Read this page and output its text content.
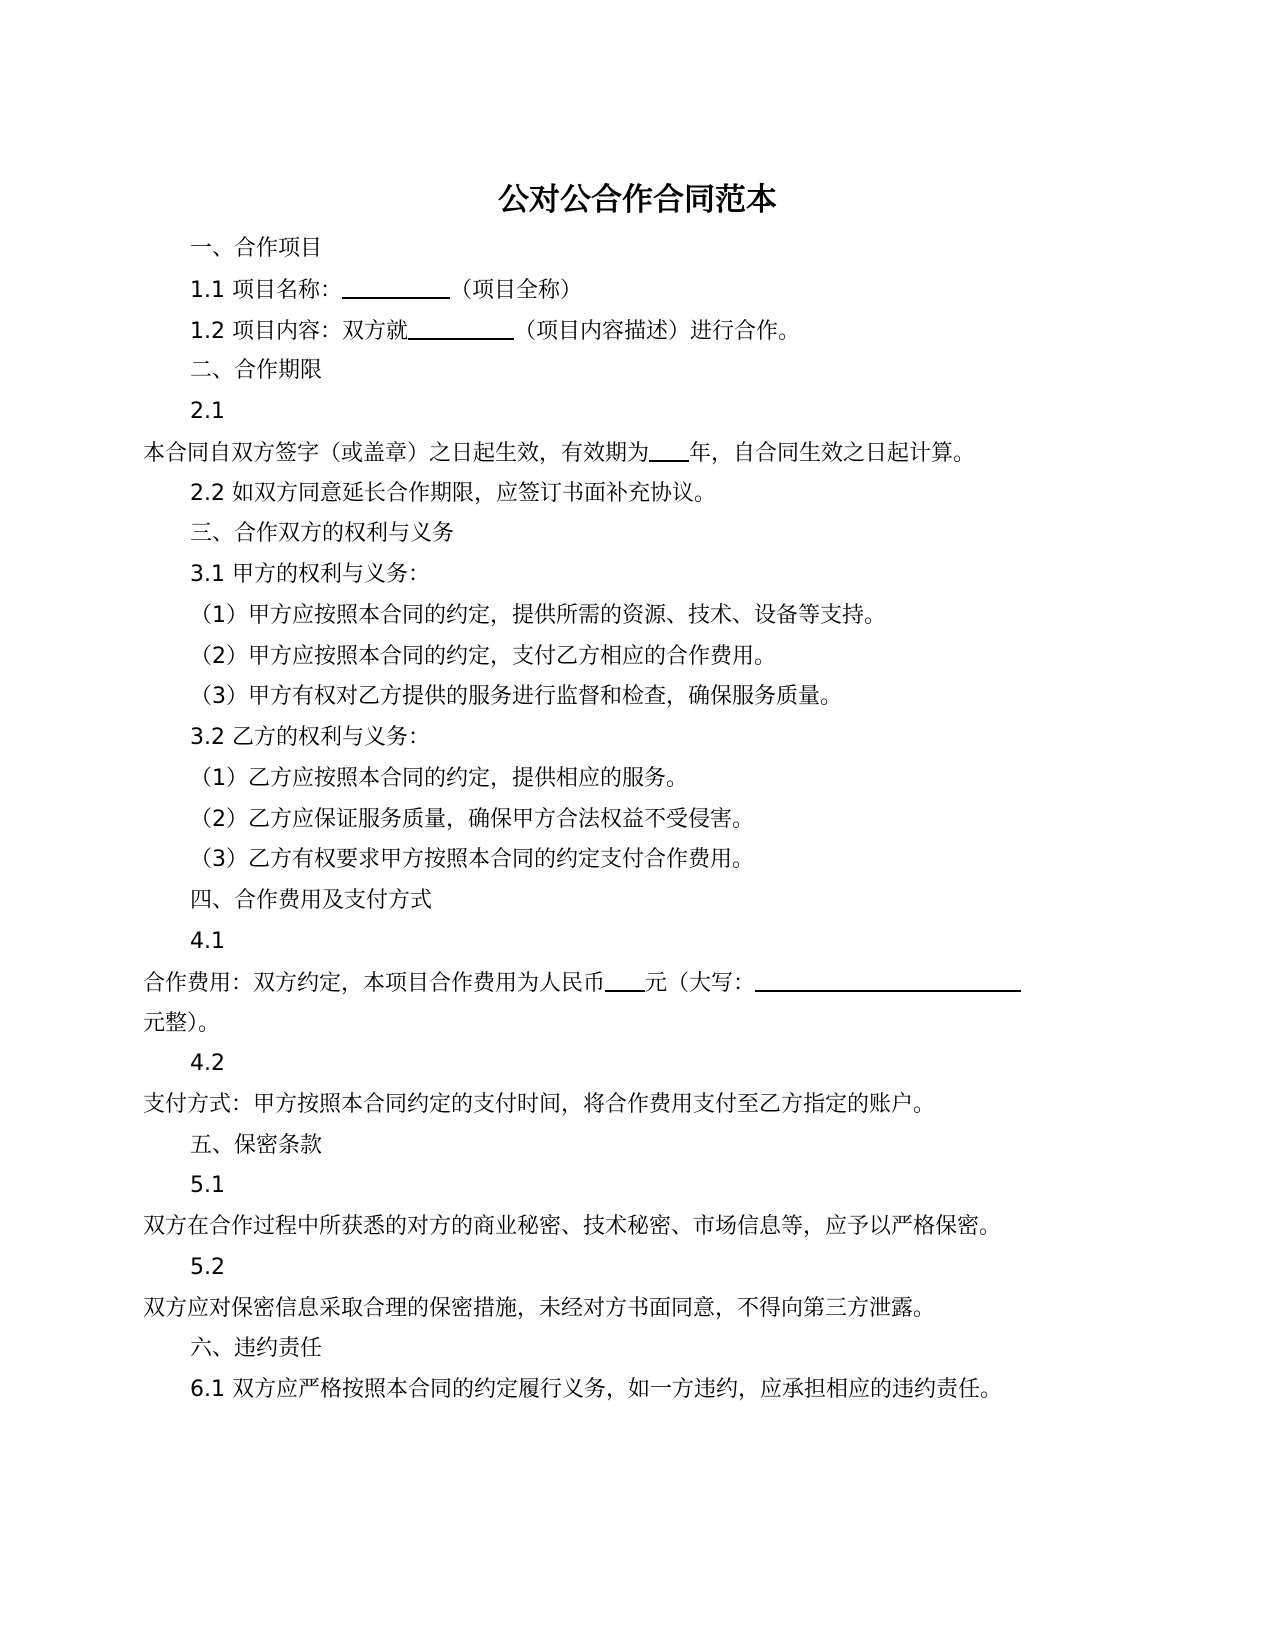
公对公合作合同范本
一、合作项目
1.1 项目名称：	（项目全称）
1.2 项目内容：双方就	（项目内容描述）进行合作。
二、合作期限
2.1
本合同自双方签字（或盖章）之日起生效，有效期为 年，自合同生效之日起计算。
2.2 如双方同意延长合作期限，应签订书面补充协议。
三、合作双方的权利与义务
3.1 甲方的权利与义务：
（1）甲方应按照本合同的约定，提供所需的资源、技术、设备等支持。
（2）甲方应按照本合同的约定，支付乙方相应的合作费用。
（3）甲方有权对乙方提供的服务进行监督和检查，确保服务质量。
3.2 乙方的权利与义务：
（1）乙方应按照本合同的约定，提供相应的服务。
（2）乙方应保证服务质量，确保甲方合法权益不受侵害。
（3）乙方有权要求甲方按照本合同的约定支付合作费用。
四、合作费用及支付方式
4.1
合作费用：双方约定，本项目合作费用为人民币 元（大写：
元整）。
4.2
支付方式：甲方按照本合同约定的支付时间，将合作费用支付至乙方指定的账户。
五、保密条款
5.1
双方在合作过程中所获悉的对方的商业秘密、技术秘密、市场信息等，应予以严格保密。
5.2
双方应对保密信息采取合理的保密措施，未经对方书面同意，不得向第三方泄露。
六、违约责任
6.1 双方应严格按照本合同的约定履行义务，如一方违约，应承担相应的违约责任。
